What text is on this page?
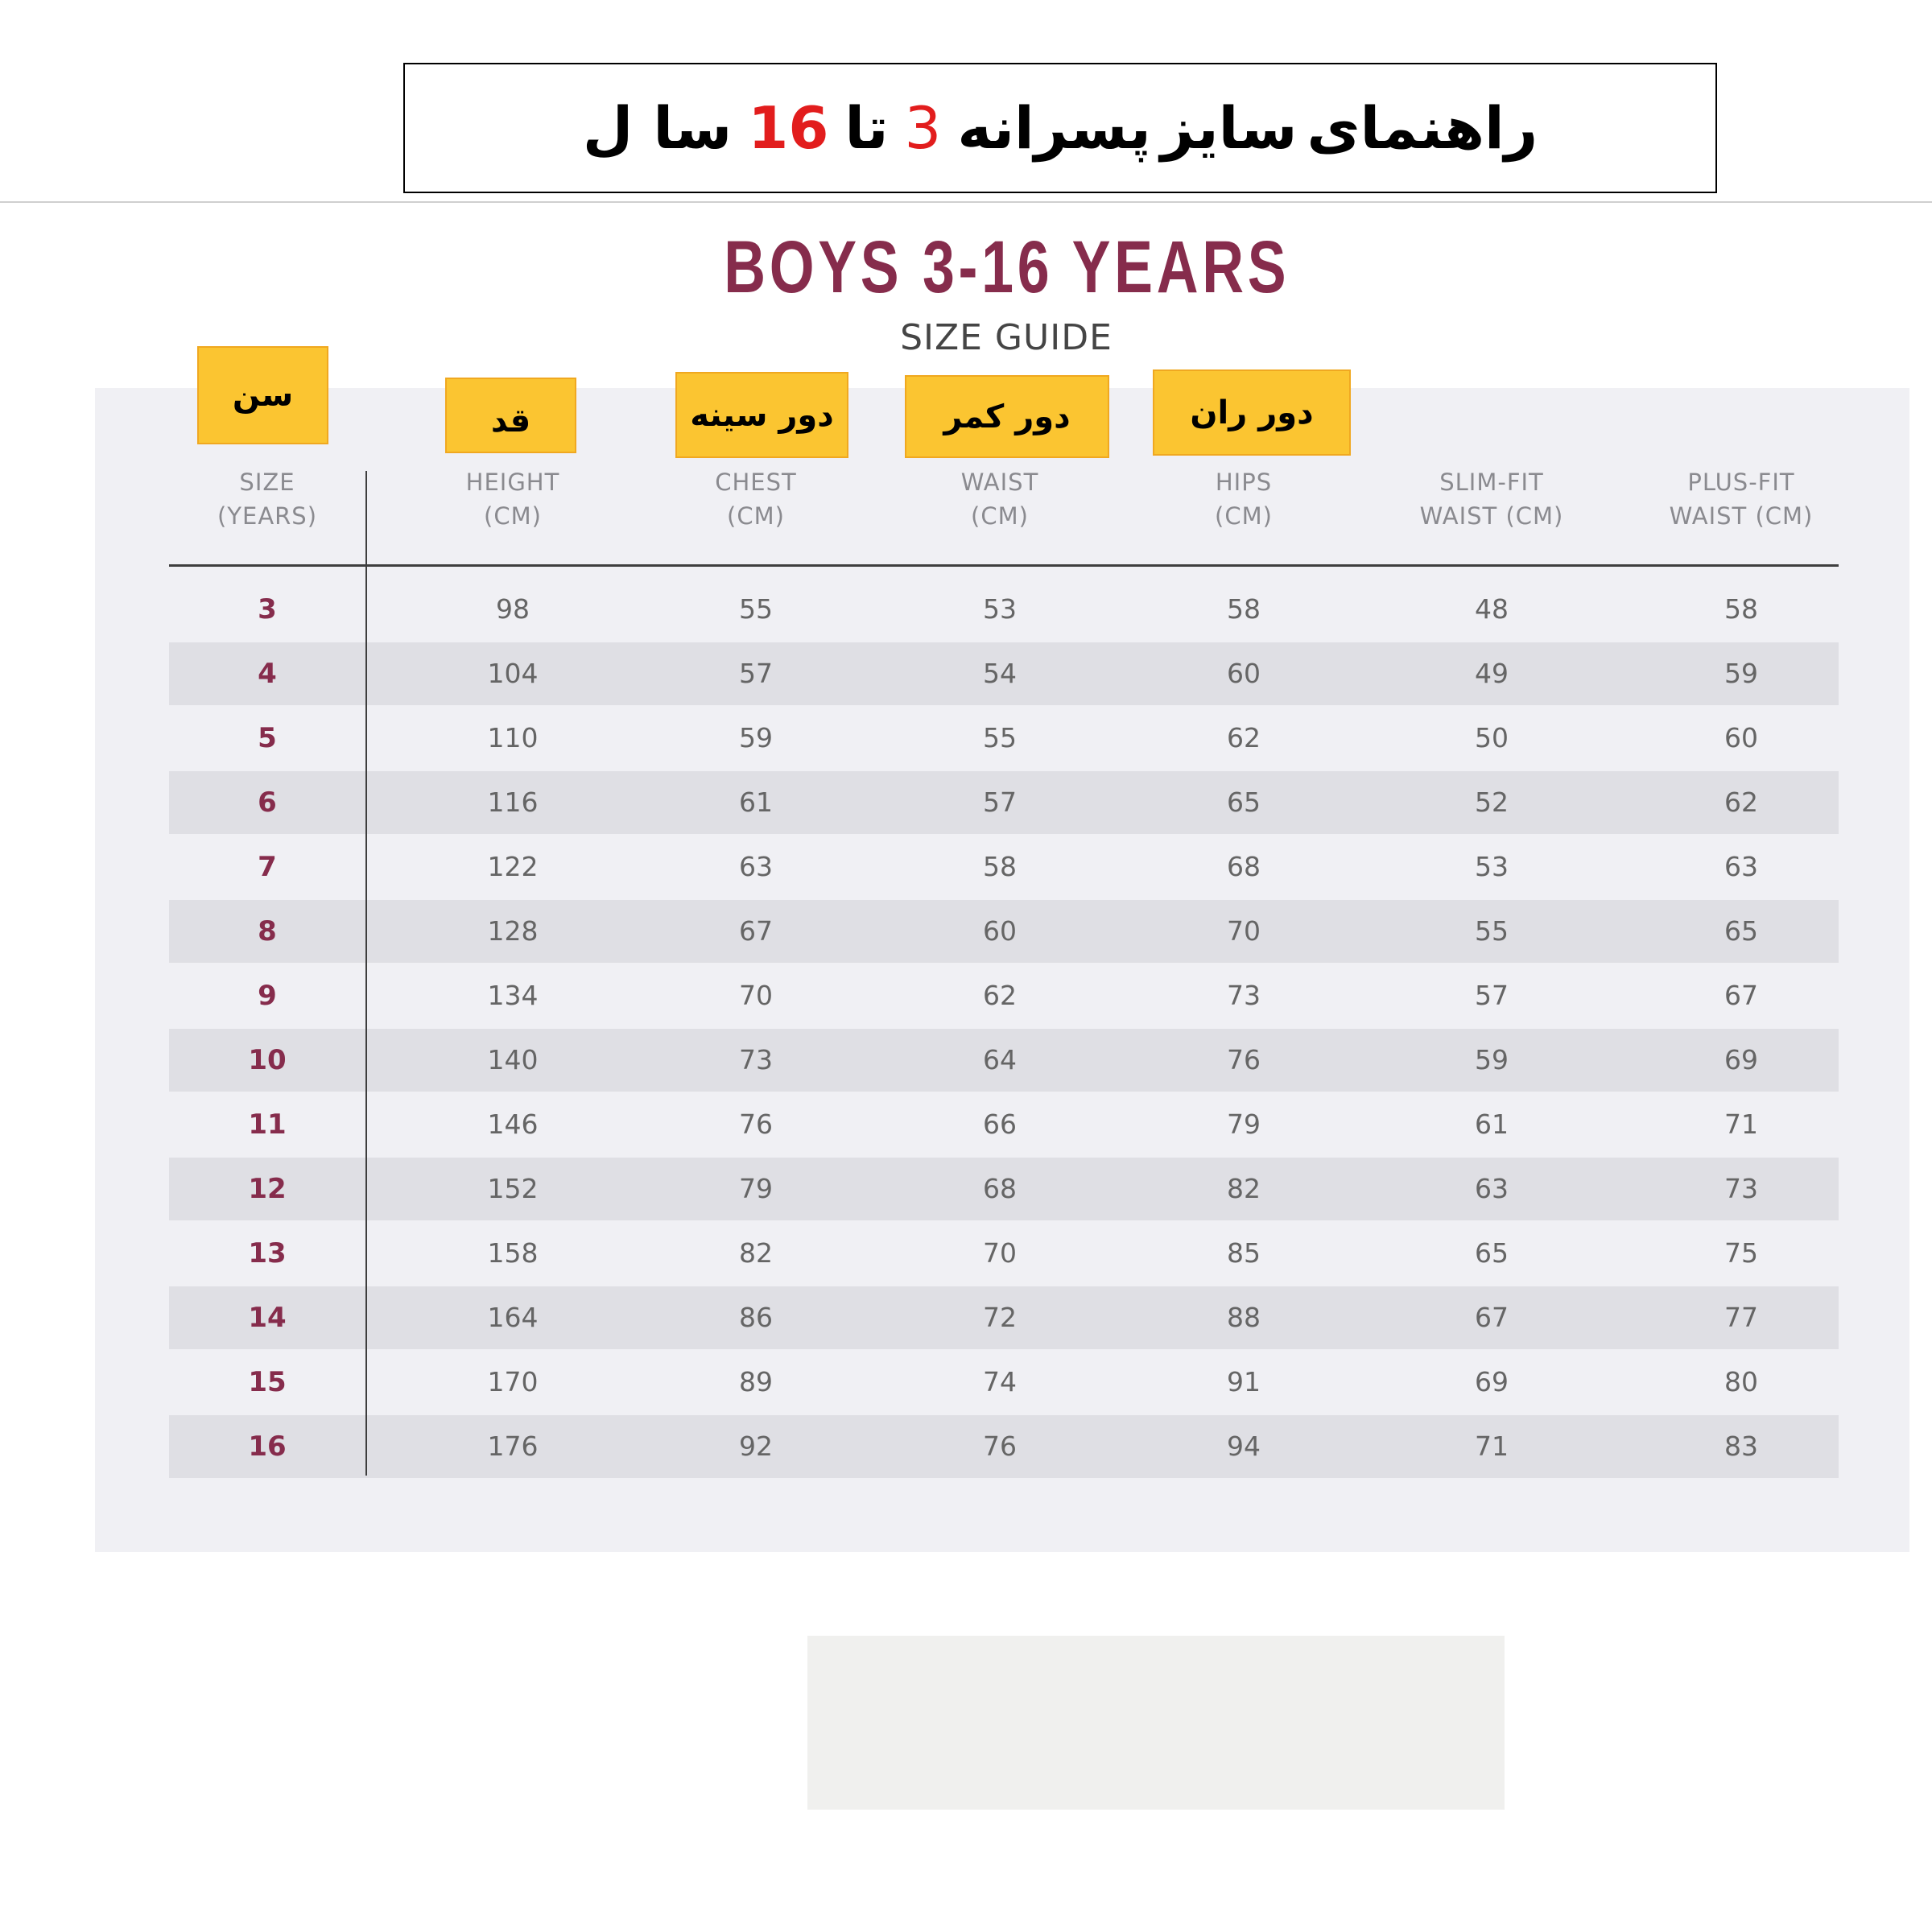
راهنمای
سایز
پسرانه
3
تا
16
سا ل
BOYS 3-16 YEARS
SIZE GUIDE
سن
قد	دور سینه	دور کمر	دور ران
SIZE
(YEARS)
HEIGHT
(CM)
CHEST
(CM)
WAIST
(CM)
HIPS
(CM)
SLIM-FIT
WAIST (CM)
PLUS-FIT
WAIST (CM)
3	98	55	53	58	48	58
4	104	57	54	60	49	59
5	110	59	55	62	50	60
6	116	61	57	65	52	62
7	122	63	58	68	53	63
8	128	67	60	70	55	65
9	134	70	62	73	57	67
10	140	73	64	76	59	69
11	146	76	66	79	61	71
12	152	79	68	82	63	73
13	158	82	70	85	65	75
14	164	86	72	88	67	77
15	170	89	74	91	69	80
16	176	92	76	94	71	83
